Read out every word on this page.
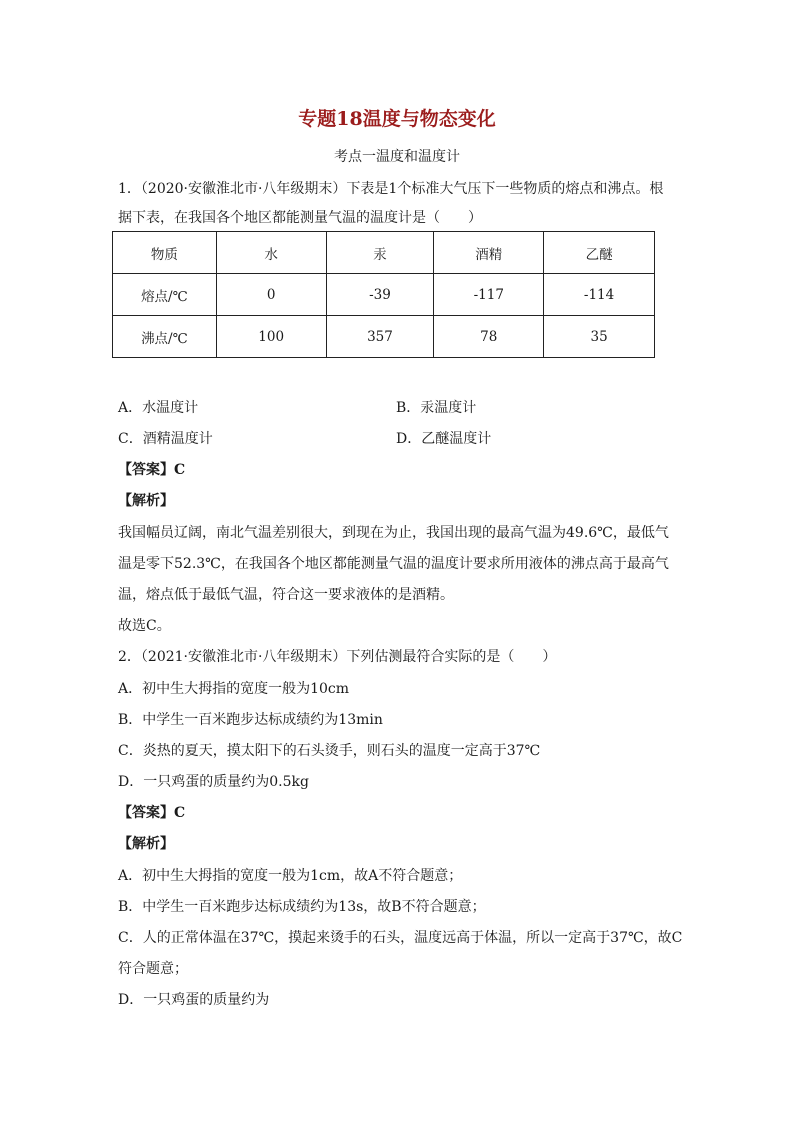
专题18温度与物态变化
考点一温度和温度计
1．（2020·安徽淮北市·八年级期末）下表是1个标准大气压下一些物质的熔点和沸点。根
据下表，在我国各个地区都能测量气温的温度计是（　　）
物质	水	汞	酒精	乙醚
熔点/℃	0	-39	-117	-114
沸点/℃	100	357	78	35
A．水温度计	B．汞温度计
C．酒精温度计	D．乙醚温度计
【答案】C
【解析】
我国幅员辽阔，南北气温差别很大，到现在为止，我国出现的最高气温为49.6℃，最低气
温是零下52.3℃，在我国各个地区都能测量气温的温度计要求所用液体的沸点高于最高气
温，熔点低于最低气温，符合这一要求液体的是酒精。
故选C。
2．（2021·安徽淮北市·八年级期末）下列估测最符合实际的是（　　）
A．初中生大拇指的宽度一般为10cm
B．中学生一百米跑步达标成绩约为13min
C．炎热的夏天，摸太阳下的石头烫手，则石头的温度一定高于37℃
D．一只鸡蛋的质量约为0.5kg
【答案】C
【解析】
A．初中生大拇指的宽度一般为1cm，故A不符合题意；
B．中学生一百米跑步达标成绩约为13s，故B不符合题意；
C．人的正常体温在37℃，摸起来烫手的石头，温度远高于体温，所以一定高于37℃，故C
符合题意；
D．一只鸡蛋的质量约为
